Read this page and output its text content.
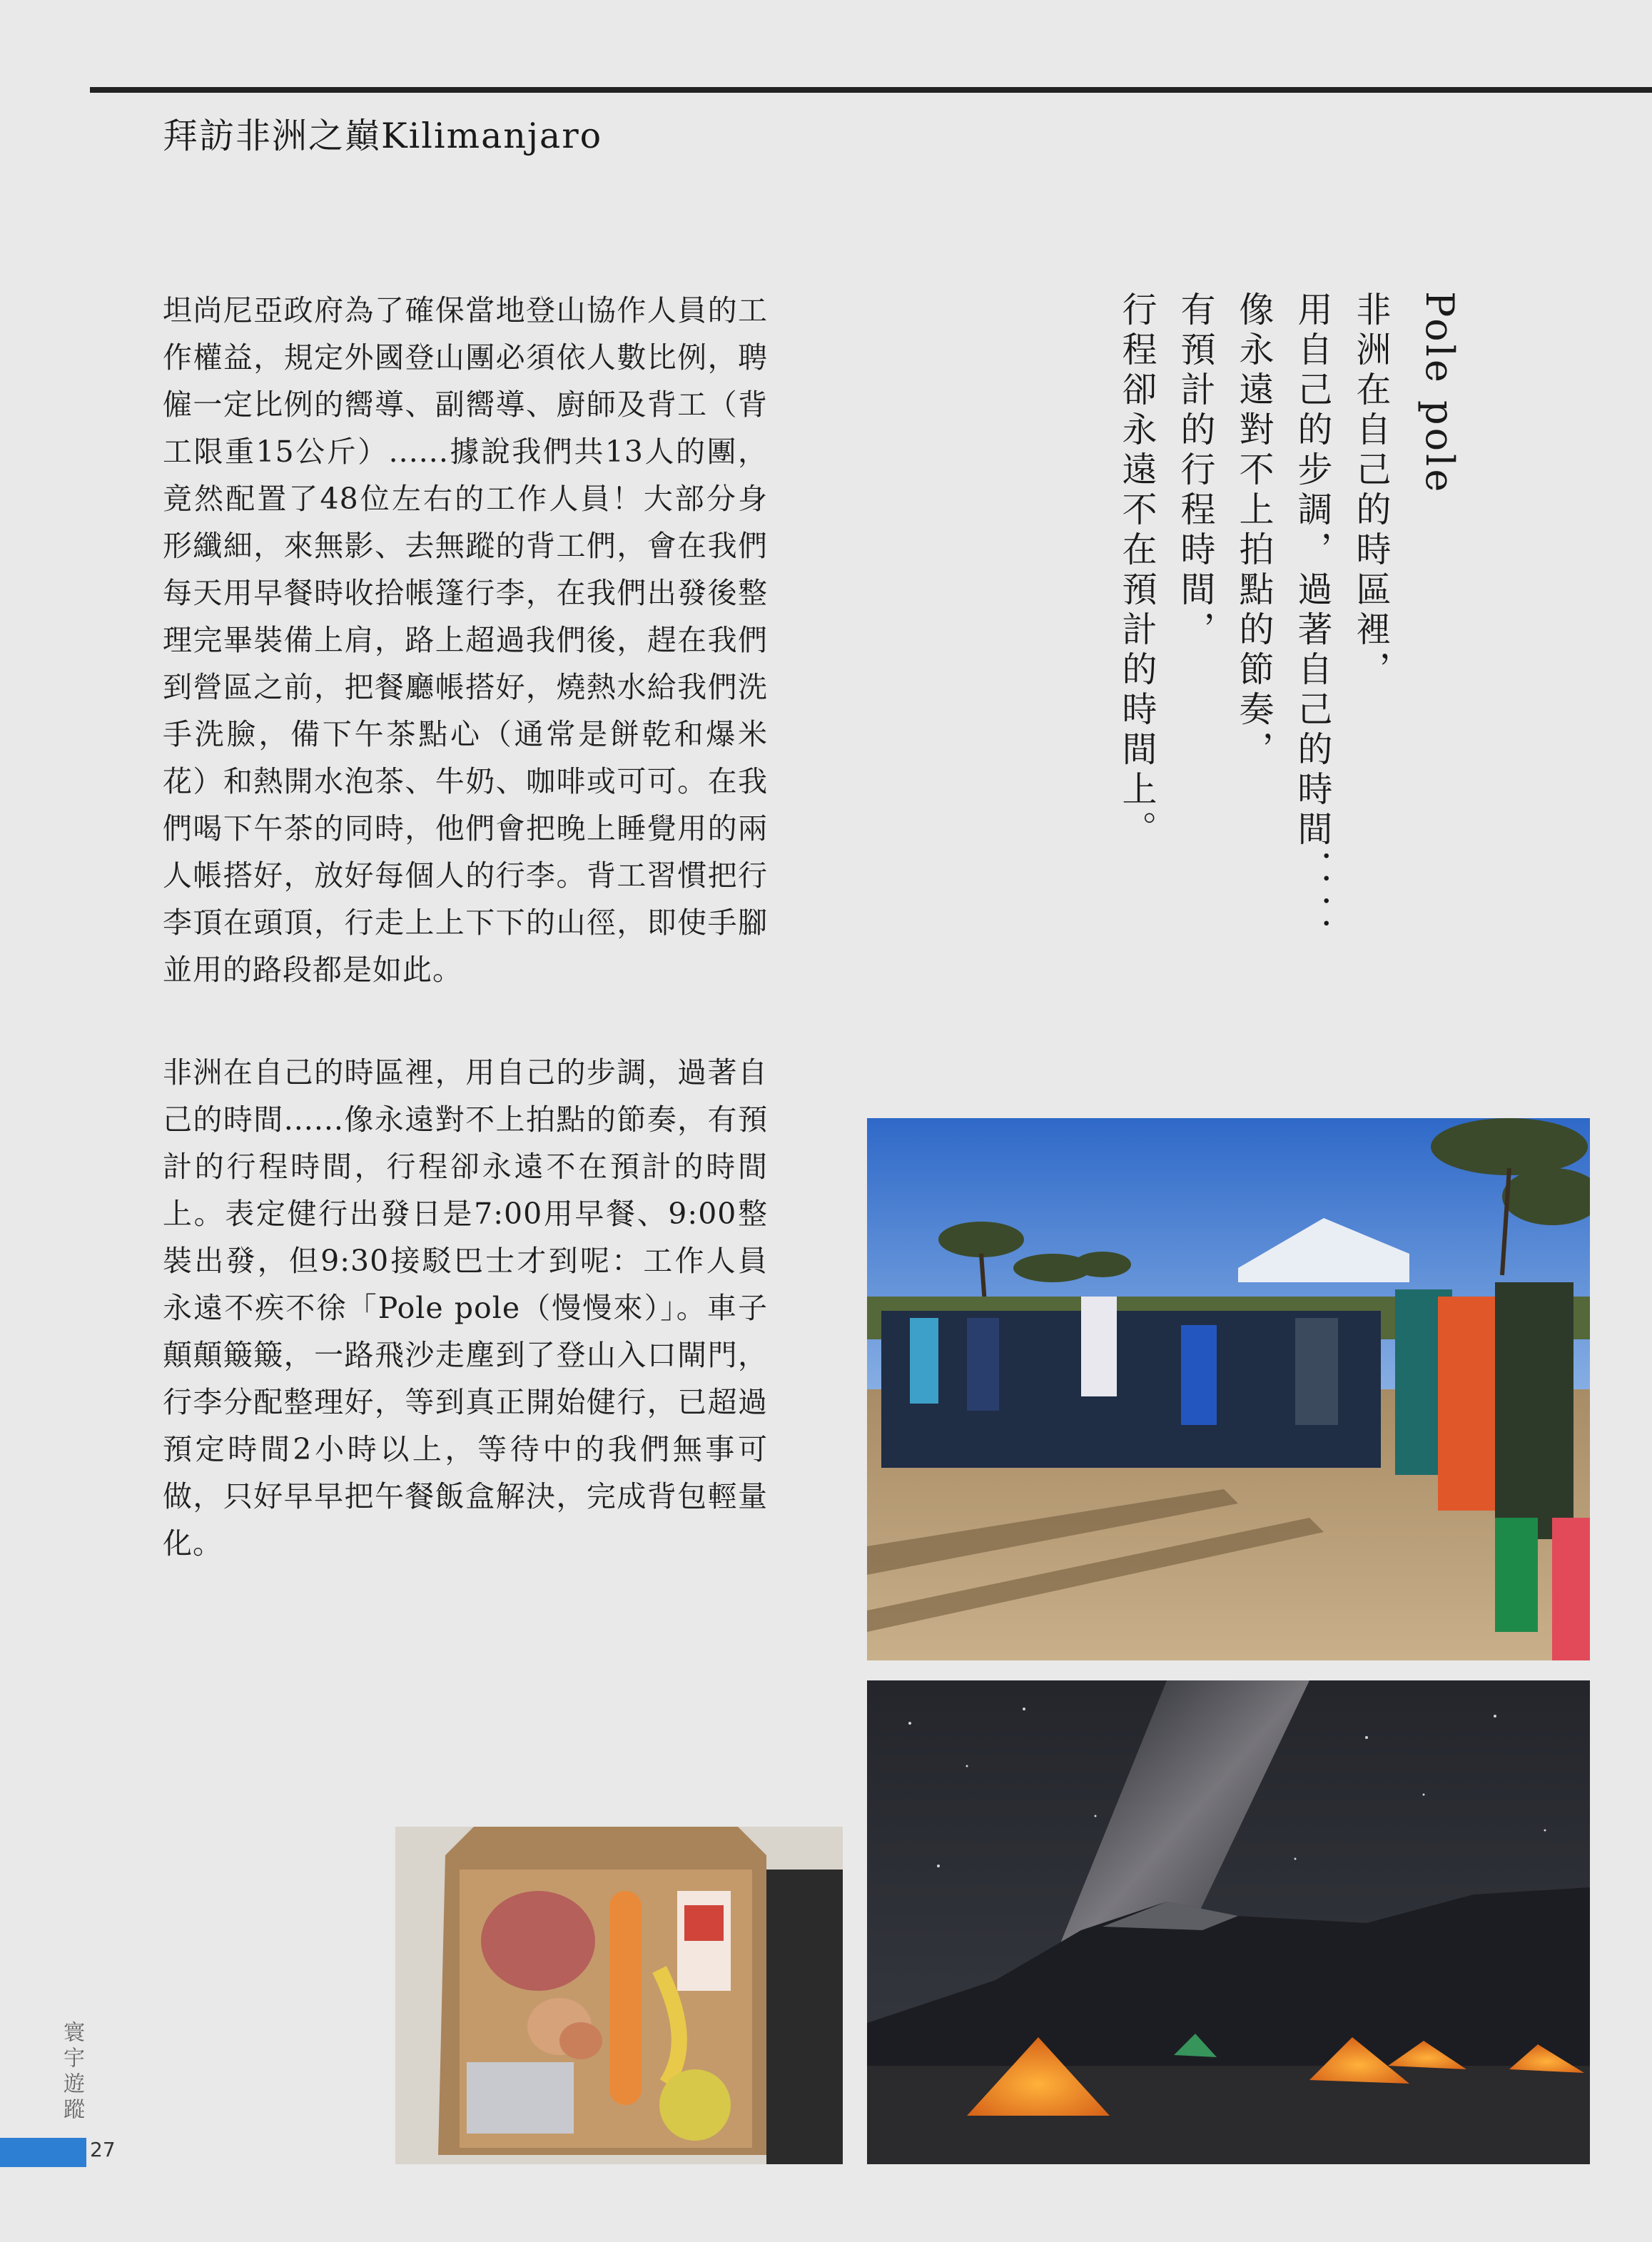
拜訪非洲之巔Kilimanjaro

坦尚尼亞政府為了確保當地登山協作人員的工作權益，規定外國登山團必須依人數比例，聘僱一定比例的嚮導、副嚮導、廚師及背工（背工限重15公斤）......據說我們共13人的團，竟然配置了48位左右的工作人員！大部分身形纖細，來無影、去無蹤的背工們，會在我們每天用早餐時收拾帳篷行李，在我們出發後整理完畢裝備上肩，路上超過我們後，趕在我們到營區之前，把餐廳帳搭好，燒熱水給我們洗手洗臉，備下午茶點心（通常是餅乾和爆米花）和熱開水泡茶、牛奶、咖啡或可可。在我們喝下午茶的同時，他們會把晚上睡覺用的兩人帳搭好，放好每個人的行李。背工習慣把行李頂在頭頂，行走上上下下的山徑，即使手腳並用的路段都是如此。

非洲在自己的時區裡，用自己的步調，過著自己的時間......像永遠對不上拍點的節奏，有預計的行程時間，行程卻永遠不在預計的時間上。表定健行出發日是7:00用早餐、9:00整裝出發，但9:30接駁巴士才到呢：工作人員永遠不疾不徐「Pole pole（慢慢來）」。車子顛顛簸簸，一路飛沙走塵到了登山入口閘門，行李分配整理好，等到真正開始健行，已超過預定時間2小時以上，等待中的我們無事可做，只好早早把午餐飯盒解決，完成背包輕量化。

Pole pole
非洲在自己的時區裡，
用自己的步調，過著自己的時間．．．．
像永遠對不上拍點的節奏，
有預計的行程時間，
行程卻永遠不在預計的時間上。
寰宇遊蹤
27
